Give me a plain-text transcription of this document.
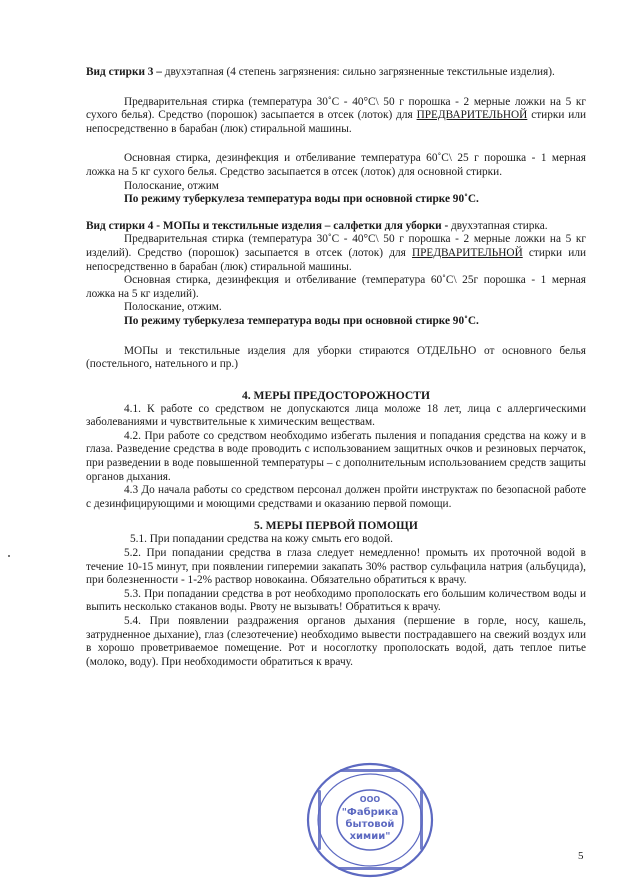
Вид стирки 3 – двухэтапная (4 степень загрязнения: сильно загрязненные текстильные изделия).

Предварительная стирка (температура 30˚С - 40°С\ 50 г порошка - 2 мерные ложки на 5 кг сухого белья). Средство (порошок) засыпается в отсек (лоток) для ПРЕДВАРИТЕЛЬНОЙ стирки или непосредственно в барабан (люк) стиральной машины.

Основная стирка, дезинфекция и отбеливание температура 60˚С\ 25 г порошка - 1 мерная ложка на 5 кг сухого белья. Средство засыпается в отсек (лоток) для основной стирки.

Полоскание, отжим

По режиму туберкулеза температура воды при основной стирке 90˚С.

Вид стирки 4 - МОПы и текстильные изделия – салфетки для уборки - двухэтапная стирка.

Предварительная стирка (температура 30˚С - 40°С\ 50 г порошка - 2 мерные ложки на 5 кг изделий). Средство (порошок) засыпается в отсек (лоток) для ПРЕДВАРИТЕЛЬНОЙ стирки или непосредственно в барабан (люк) стиральной машины.

Основная стирка, дезинфекция и отбеливание (температура 60˚С\ 25г порошка - 1 мерная ложка на 5 кг изделий).

Полоскание, отжим.

По режиму туберкулеза температура воды при основной стирке 90˚С.

МОПы и текстильные изделия для уборки стираются ОТДЕЛЬНО от основного белья (постельного, нательного и пр.)

4. МЕРЫ ПРЕДОСТОРОЖНОСТИ

4.1. К работе со средством не допускаются лица моложе 18 лет, лица с аллергическими заболеваниями и чувствительные к химическим веществам.

4.2. При работе со средством необходимо избегать пыления и попадания средства на кожу и в глаза. Разведение средства в воде проводить с использованием защитных очков и резиновых перчаток, при разведении в воде повышенной температуры – с дополнительным использованием средств защиты органов дыхания.

4.3 До начала работы со средством персонал должен пройти инструктаж по безопасной работе с дезинфицирующими и моющими средствами и оказанию первой помощи.

5. МЕРЫ ПЕРВОЙ ПОМОЩИ

5.1. При попадании средства на кожу смыть его водой.

5.2. При попадании средства в глаза следует немедленно! промыть их проточной водой в течение 10-15 минут, при появлении гиперемии закапать 30% раствор сульфацила натрия (альбуцида), при болезненности - 1-2% раствор новокаина. Обязательно обратиться к врачу.

5.3. При попадании средства в рот необходимо прополоскать его большим количеством воды и выпить несколько стаканов воды. Рвоту не вызывать! Обратиться к врачу.

5.4. При появлении раздражения органов дыхания (першение в горле, носу, кашель, затрудненное дыхание), глаз (слезотечение) необходимо вывести пострадавшего на свежий воздух или в хорошо проветриваемое помещение. Рот и носоглотку прополоскать водой, дать теплое питье (молоко, воду). При необходимости обратиться к врачу.

ООО
"Фабрика
бытовой
химии"
5
